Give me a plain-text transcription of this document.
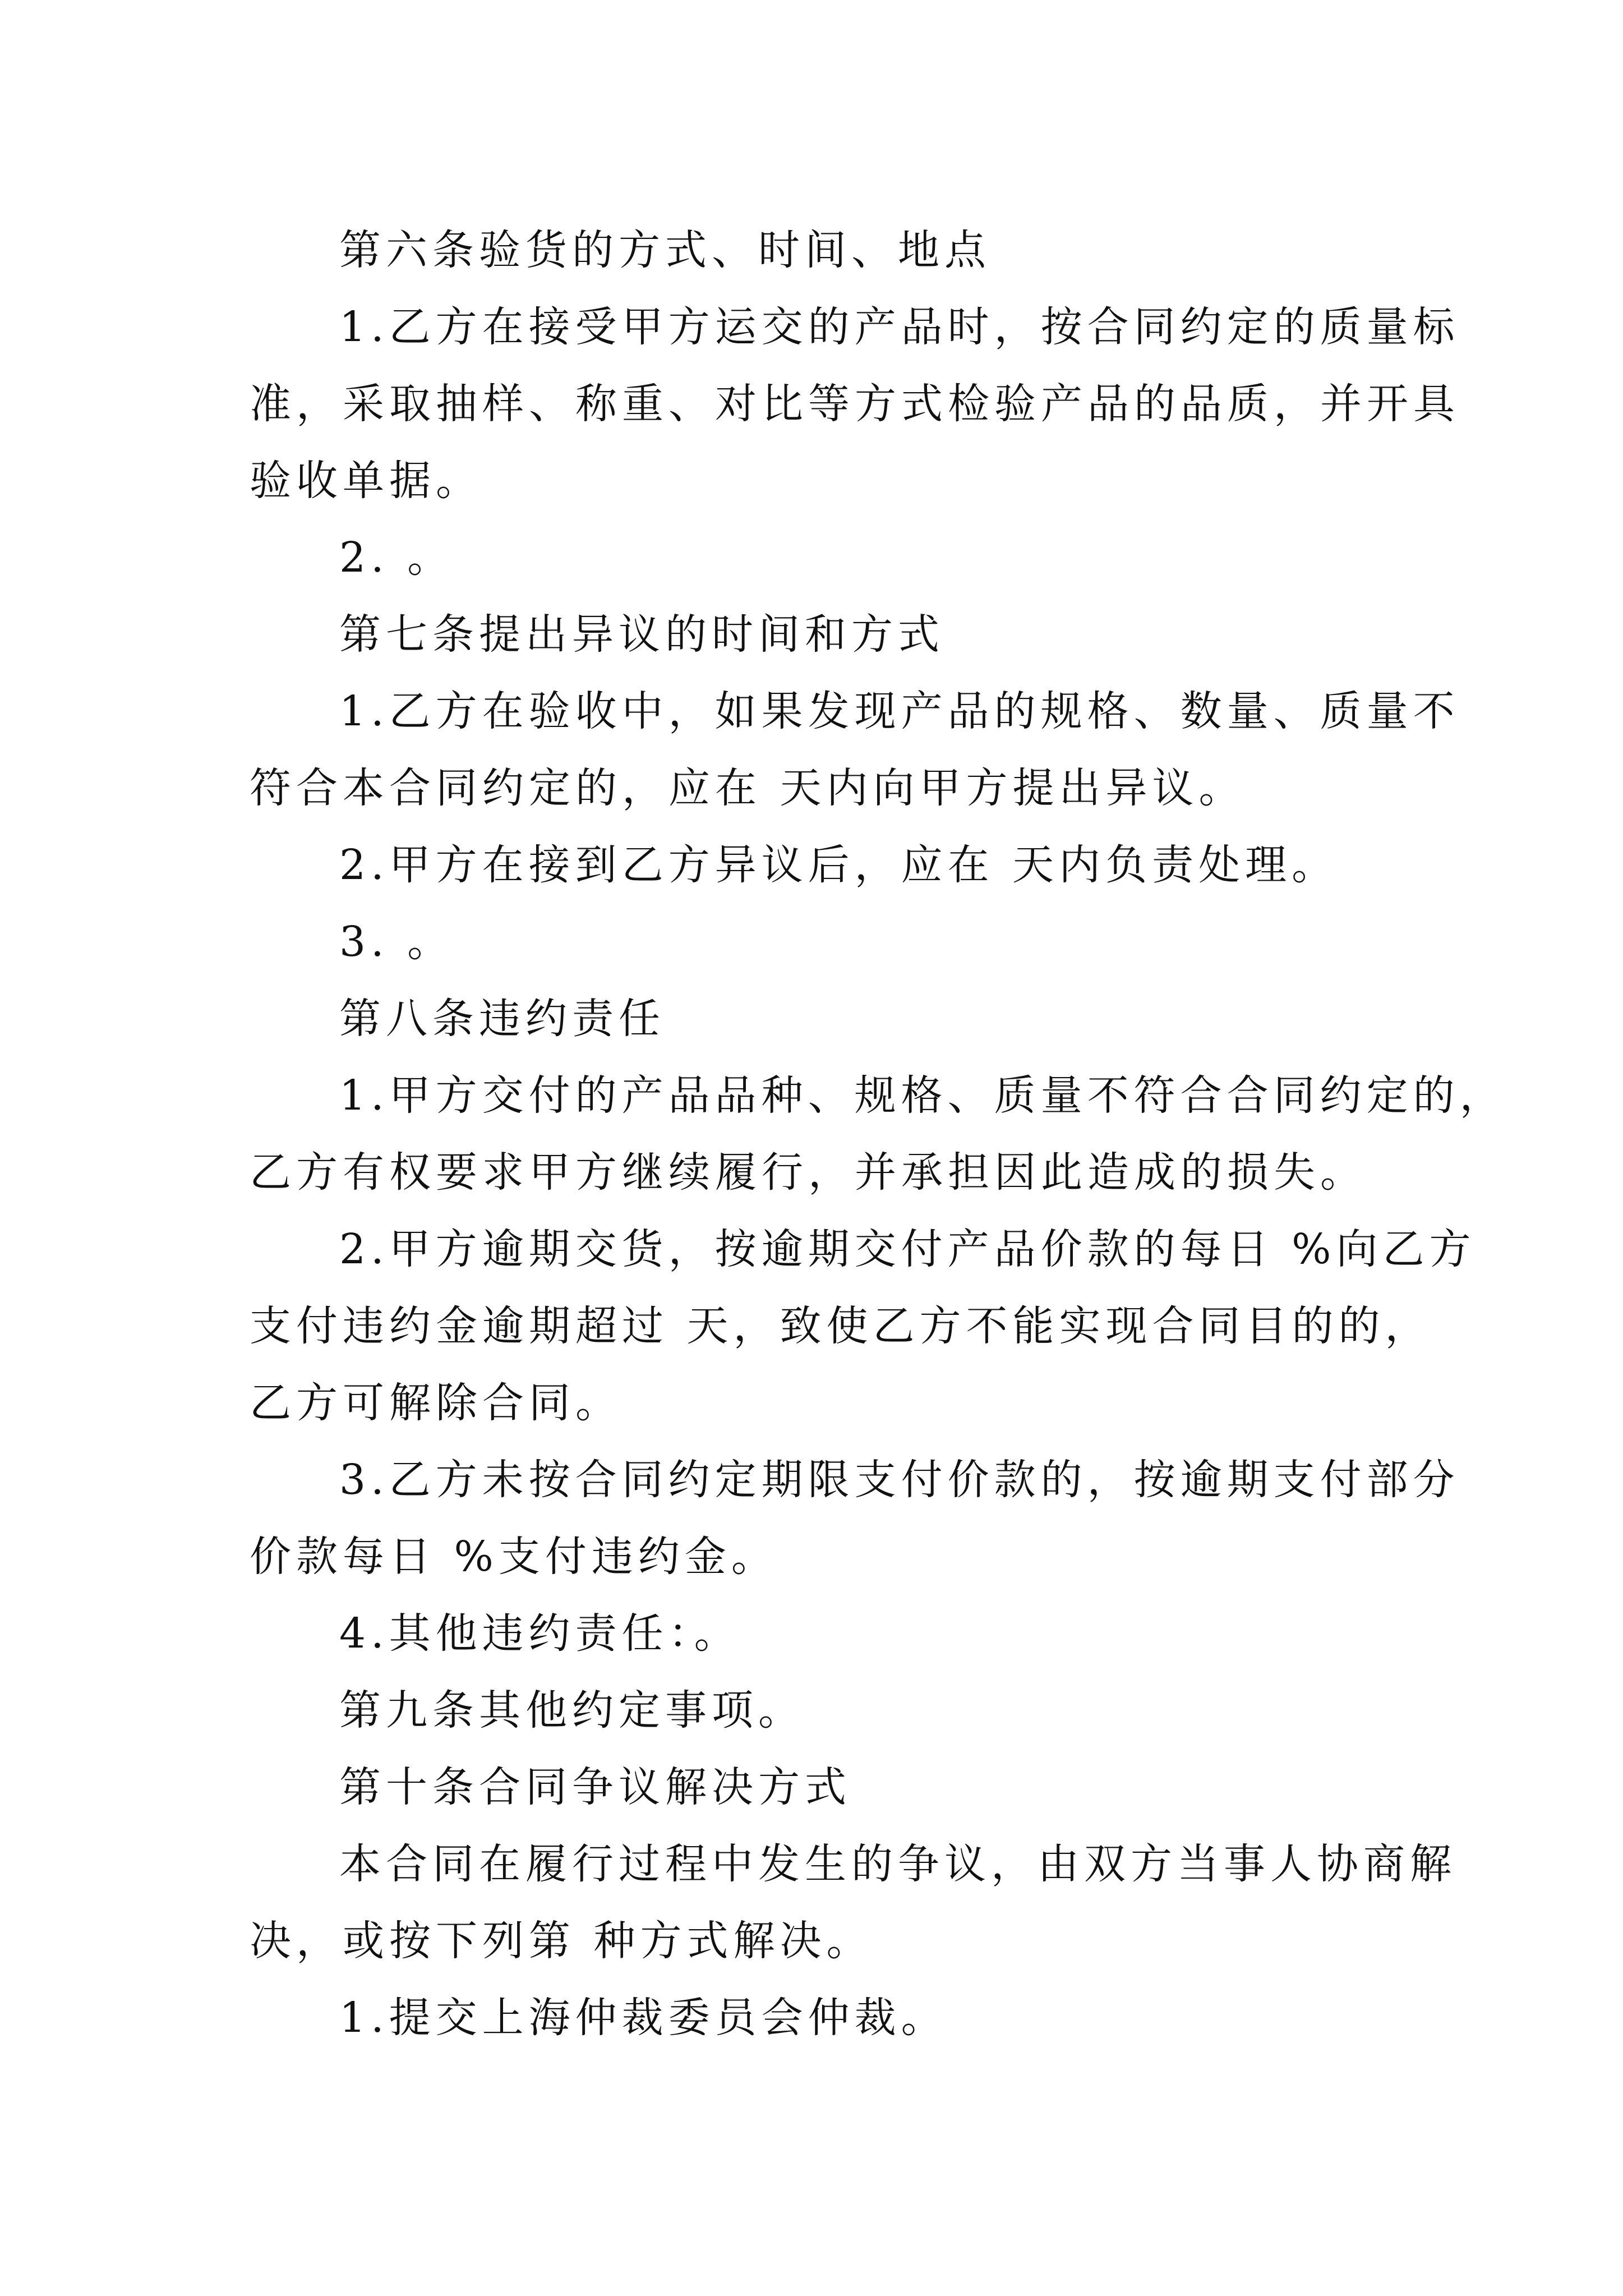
第六条验货的方式、时间、地点
1.乙方在接受甲方运交的产品时，按合同约定的质量标
准，采取抽样、称重、对比等方式检验产品的品质，并开具
验收单据。
2. 。
第七条提出异议的时间和方式
1.乙方在验收中，如果发现产品的规格、数量、质量不
符合本合同约定的，应在 天内向甲方提出异议。
2.甲方在接到乙方异议后，应在 天内负责处理。
3. 。
第八条违约责任
1.甲方交付的产品品种、规格、质量不符合合同约定的，
乙方有权要求甲方继续履行，并承担因此造成的损失。
2.甲方逾期交货，按逾期交付产品价款的每日 %向乙方
支付违约金逾期超过 天，致使乙方不能实现合同目的的，
乙方可解除合同。
3.乙方未按合同约定期限支付价款的，按逾期支付部分
价款每日 %支付违约金。
4.其他违约责任：。
第九条其他约定事项。
第十条合同争议解决方式
本合同在履行过程中发生的争议，由双方当事人协商解
决，或按下列第 种方式解决。
1.提交上海仲裁委员会仲裁。
